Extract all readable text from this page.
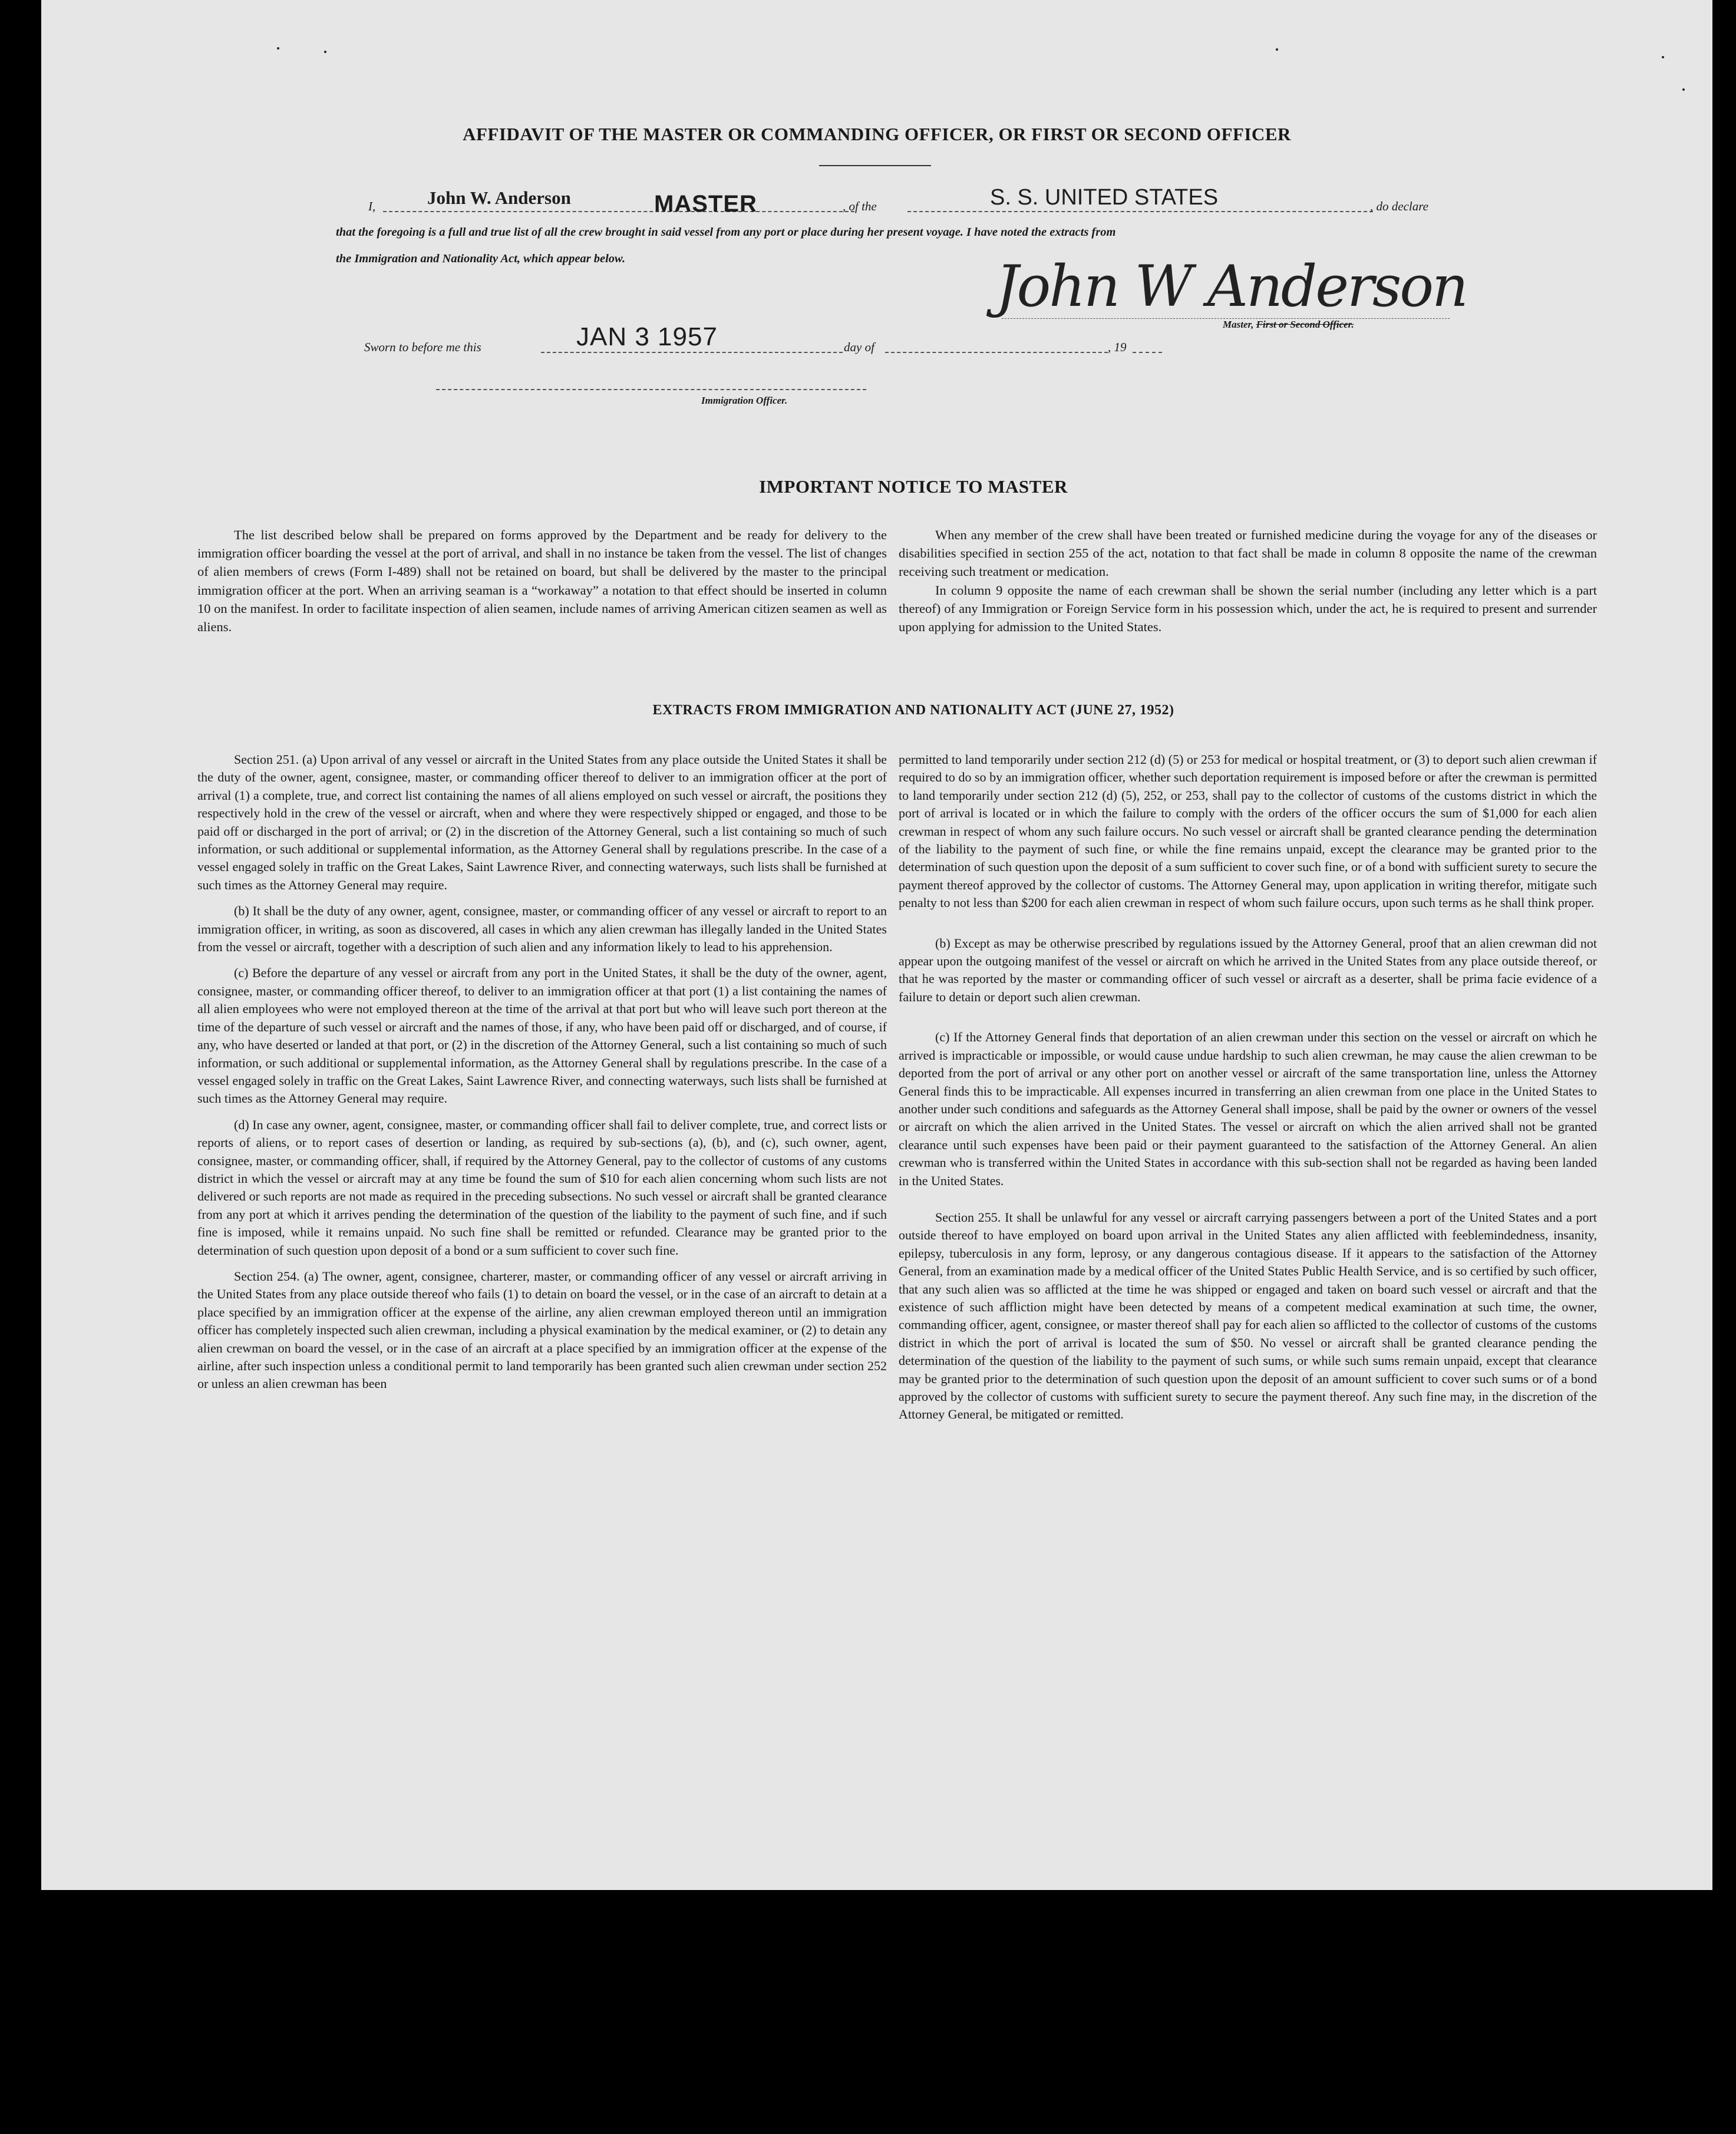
AFFIDAVIT OF THE MASTER OR COMMANDING OFFICER, OR FIRST OR SECOND OFFICER
I,	John W. Anderson	MASTER	, of the	S. S. UNITED STATES	, do declare
that the foregoing is a full and true list of all the crew brought in said vessel from any port or place during her present voyage. I have noted the extracts from
the Immigration and Nationality Act, which appear below.	John W Anderson
Master, First or Second Officer.
Sworn to before me this	JAN 3 1957	day of	, 19
Immigration Officer.
IMPORTANT NOTICE TO MASTER

The list described below shall be prepared on forms approved by the Department and be ready for delivery to the immigration officer boarding the vessel at the port of arrival, and shall in no instance be taken from the vessel. The list of changes of alien members of crews (Form I-489) shall not be retained on board, but shall be delivered by the master to the principal immigration officer at the port. When an arriving seaman is a “workaway” a notation to that effect should be inserted in column 10 on the manifest. In order to facilitate inspection of alien seamen, include names of arriving American citizen seamen as well as aliens.

When any member of the crew shall have been treated or furnished medicine during the voyage for any of the diseases or disabilities specified in section 255 of the act, notation to that fact shall be made in column 8 opposite the name of the crewman receiving such treatment or medication.

In column 9 opposite the name of each crewman shall be shown the serial number (including any letter which is a part thereof) of any Immigration or Foreign Service form in his possession which, under the act, he is required to present and surrender upon applying for admission to the United States.

EXTRACTS FROM IMMIGRATION AND NATIONALITY ACT (JUNE 27, 1952)

Section 251. (a) Upon arrival of any vessel or aircraft in the United States from any place outside the United States it shall be the duty of the owner, agent, consignee, master, or commanding officer thereof to deliver to an immigration officer at the port of arrival (1) a complete, true, and correct list containing the names of all aliens employed on such vessel or aircraft, the positions they respectively hold in the crew of the vessel or aircraft, when and where they were respectively shipped or engaged, and those to be paid off or discharged in the port of arrival; or (2) in the discretion of the Attorney General, such a list containing so much of such information, or such additional or supplemental information, as the Attorney General shall by regulations prescribe. In the case of a vessel engaged solely in traffic on the Great Lakes, Saint Lawrence River, and connecting waterways, such lists shall be furnished at such times as the Attorney General may require.

(b) It shall be the duty of any owner, agent, consignee, master, or commanding officer of any vessel or aircraft to report to an immigration officer, in writing, as soon as discovered, all cases in which any alien crewman has illegally landed in the United States from the vessel or aircraft, together with a description of such alien and any information likely to lead to his apprehension.

(c) Before the departure of any vessel or aircraft from any port in the United States, it shall be the duty of the owner, agent, consignee, master, or commanding officer thereof, to deliver to an immigration officer at that port (1) a list containing the names of all alien employees who were not employed thereon at the time of the arrival at that port but who will leave such port thereon at the time of the departure of such vessel or aircraft and the names of those, if any, who have been paid off or discharged, and of course, if any, who have deserted or landed at that port, or (2) in the discretion of the Attorney General, such a list containing so much of such information, or such additional or supplemental information, as the Attorney General shall by regulations prescribe. In the case of a vessel engaged solely in traffic on the Great Lakes, Saint Lawrence River, and connecting waterways, such lists shall be furnished at such times as the Attorney General may require.

(d) In case any owner, agent, consignee, master, or commanding officer shall fail to deliver complete, true, and correct lists or reports of aliens, or to report cases of desertion or landing, as required by sub-sections (a), (b), and (c), such owner, agent, consignee, master, or commanding officer, shall, if required by the Attorney General, pay to the collector of customs of any customs district in which the vessel or aircraft may at any time be found the sum of $10 for each alien concerning whom such lists are not delivered or such reports are not made as required in the preceding subsections. No such vessel or aircraft shall be granted clearance from any port at which it arrives pending the determination of the question of the liability to the payment of such fine, and if such fine is imposed, while it remains unpaid. No such fine shall be remitted or refunded. Clearance may be granted prior to the determination of such question upon deposit of a bond or a sum sufficient to cover such fine.

Section 254. (a) The owner, agent, consignee, charterer, master, or commanding officer of any vessel or aircraft arriving in the United States from any place outside thereof who fails (1) to detain on board the vessel, or in the case of an aircraft to detain at a place specified by an immigration officer at the expense of the airline, any alien crewman employed thereon until an immigration officer has completely inspected such alien crewman, including a physical examination by the medical examiner, or (2) to detain any alien crewman on board the vessel, or in the case of an aircraft at a place specified by an immigration officer at the expense of the airline, after such inspection unless a conditional permit to land temporarily has been granted such alien crewman under section 252 or unless an alien crewman has been

permitted to land temporarily under section 212 (d) (5) or 253 for medical or hospital treatment, or (3) to deport such alien crewman if required to do so by an immigration officer, whether such deportation requirement is imposed before or after the crewman is permitted to land temporarily under section 212 (d) (5), 252, or 253, shall pay to the collector of customs of the customs district in which the port of arrival is located or in which the failure to comply with the orders of the officer occurs the sum of $1,000 for each alien crewman in respect of whom any such failure occurs. No such vessel or aircraft shall be granted clearance pending the determination of the liability to the payment of such fine, or while the fine remains unpaid, except the clearance may be granted prior to the determination of such question upon the deposit of a sum sufficient to cover such fine, or of a bond with sufficient surety to secure the payment thereof approved by the collector of customs. The Attorney General may, upon application in writing therefor, mitigate such penalty to not less than $200 for each alien crewman in respect of whom such failure occurs, upon such terms as he shall think proper.

(b) Except as may be otherwise prescribed by regulations issued by the Attorney General, proof that an alien crewman did not appear upon the outgoing manifest of the vessel or aircraft on which he arrived in the United States from any place outside thereof, or that he was reported by the master or commanding officer of such vessel or aircraft as a deserter, shall be prima facie evidence of a failure to detain or deport such alien crewman.

(c) If the Attorney General finds that deportation of an alien crewman under this section on the vessel or aircraft on which he arrived is impracticable or impossible, or would cause undue hardship to such alien crewman, he may cause the alien crewman to be deported from the port of arrival or any other port on another vessel or aircraft of the same transportation line, unless the Attorney General finds this to be impracticable. All expenses incurred in transferring an alien crewman from one place in the United States to another under such conditions and safeguards as the Attorney General shall impose, shall be paid by the owner or owners of the vessel or aircraft on which the alien arrived in the United States. The vessel or aircraft on which the alien arrived shall not be granted clearance until such expenses have been paid or their payment guaranteed to the satisfaction of the Attorney General. An alien crewman who is transferred within the United States in accordance with this sub-section shall not be regarded as having been landed in the United States.

Section 255. It shall be unlawful for any vessel or aircraft carrying passengers between a port of the United States and a port outside thereof to have employed on board upon arrival in the United States any alien afflicted with feeblemindedness, insanity, epilepsy, tuberculosis in any form, leprosy, or any dangerous contagious disease. If it appears to the satisfaction of the Attorney General, from an examination made by a medical officer of the United States Public Health Service, and is so certified by such officer, that any such alien was so afflicted at the time he was shipped or engaged and taken on board such vessel or aircraft and that the existence of such affliction might have been detected by means of a competent medical examination at such time, the owner, commanding officer, agent, consignee, or master thereof shall pay for each alien so afflicted to the collector of customs of the customs district in which the port of arrival is located the sum of $50. No vessel or aircraft shall be granted clearance pending the determination of the question of the liability to the payment of such sums, or while such sums remain unpaid, except that clearance may be granted prior to the determination of such question upon the deposit of an amount sufficient to cover such sums or of a bond approved by the collector of customs with sufficient surety to secure the payment thereof. Any such fine may, in the discretion of the Attorney General, be mitigated or remitted.
